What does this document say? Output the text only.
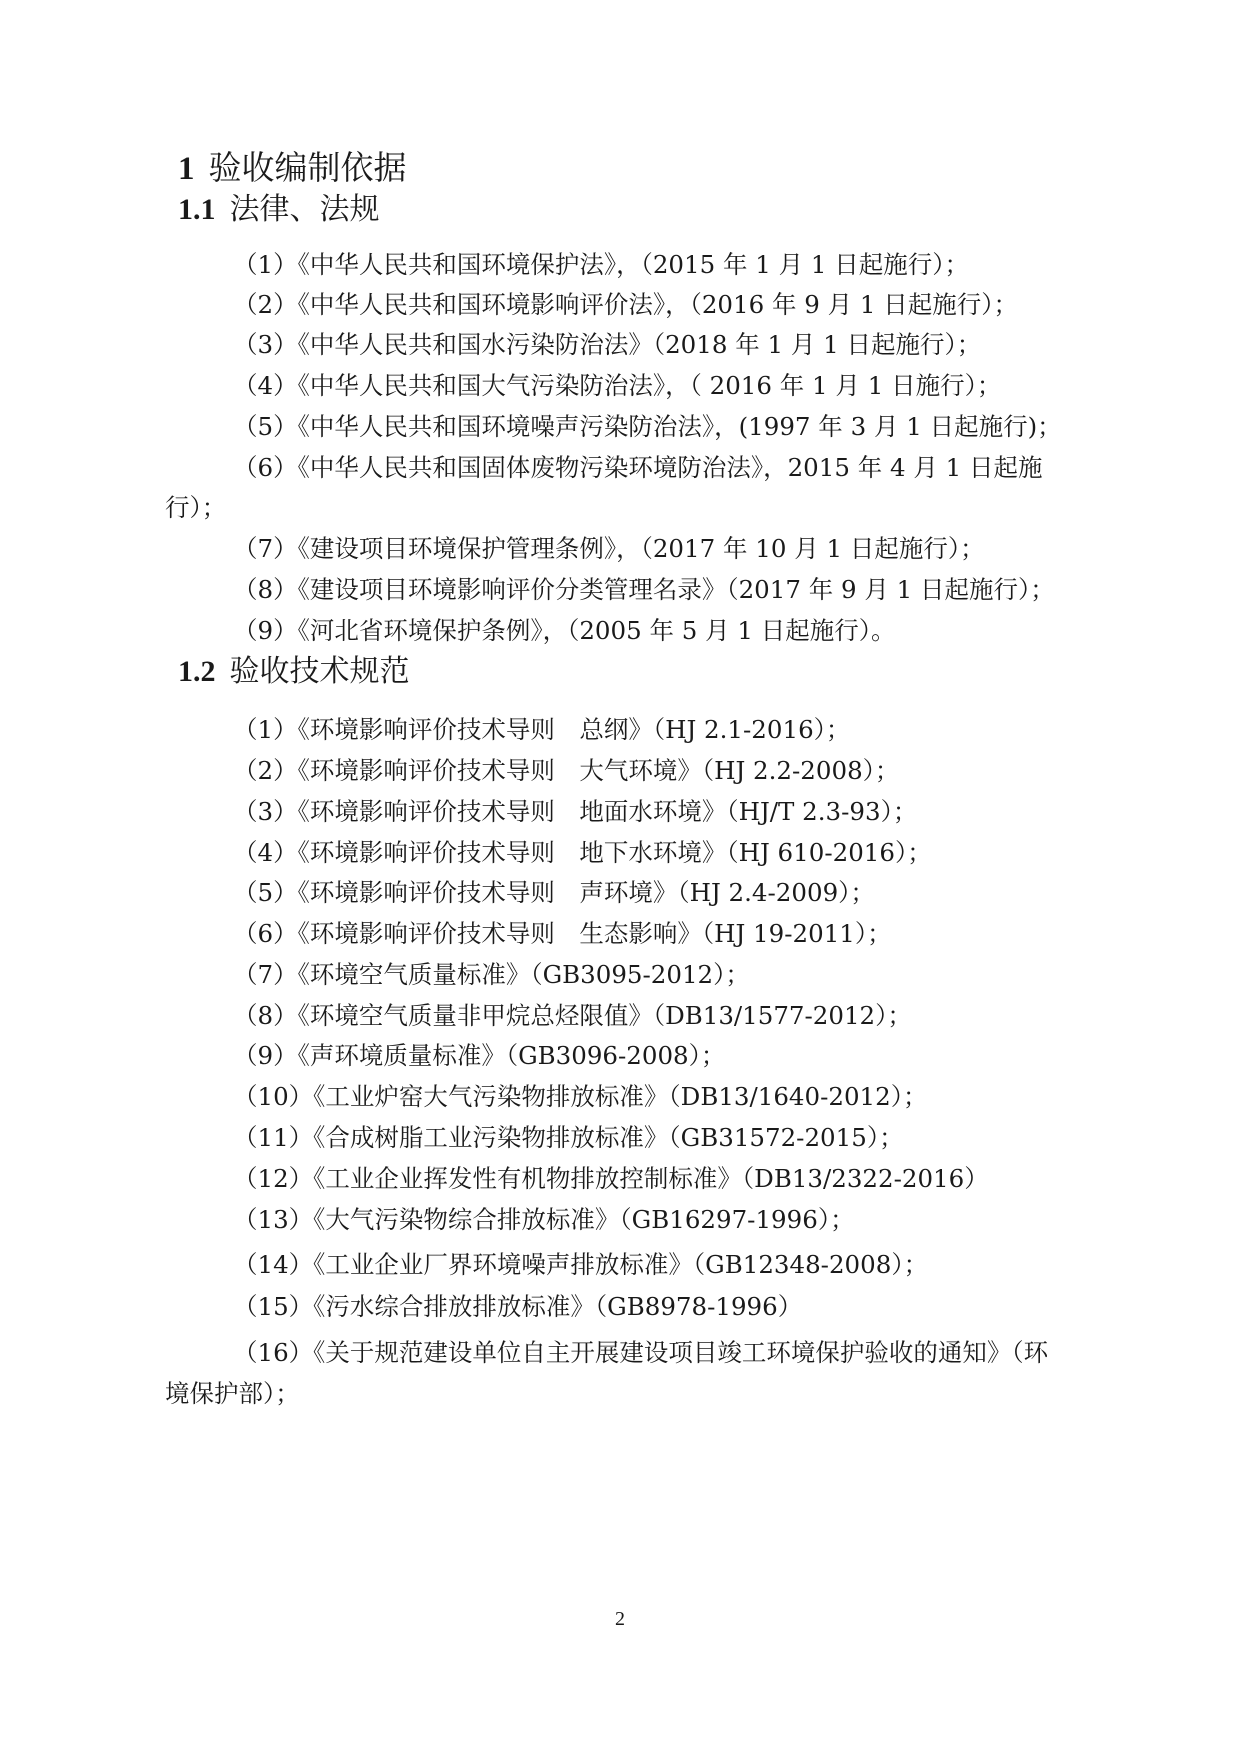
1 验收编制依据
1.1 法律、法规
（1）《中华人民共和国环境保护法》，（2015 年 1 月 1 日起施行）；
（2）《中华人民共和国环境影响评价法》，（2016 年 9 月 1 日起施行）；
（3）《中华人民共和国水污染防治法》（2018 年 1 月 1 日起施行）；
（4）《中华人民共和国大气污染防治法》，（ 2016 年 1 月 1 日施行）；
（5）《中华人民共和国环境噪声污染防治法》，(1997 年 3 月 1 日起施行)；
（6）《中华人民共和国固体废物污染环境防治法》，2015 年 4 月 1 日起施
行）；
（7）《建设项目环境保护管理条例》，（2017 年 10 月 1 日起施行）；
（8）《建设项目环境影响评价分类管理名录》（2017 年 9 月 1 日起施行）；
（9）《河北省环境保护条例》，（2005 年 5 月 1 日起施行）。
1.2 验收技术规范
（1）《环境影响评价技术导则　总纲》（HJ 2.1-2016）；
（2）《环境影响评价技术导则　大气环境》（HJ 2.2-2008）；
（3）《环境影响评价技术导则　地面水环境》（HJ/T 2.3-93）；
（4）《环境影响评价技术导则　地下水环境》（HJ 610-2016）；
（5）《环境影响评价技术导则　声环境》（HJ 2.4-2009）；
（6）《环境影响评价技术导则　生态影响》（HJ 19-2011）；
（7）《环境空气质量标准》（GB3095-2012）；
（8）《环境空气质量非甲烷总烃限值》（DB13/1577-2012）；
（9）《声环境质量标准》（GB3096-2008）；
（10）《工业炉窑大气污染物排放标准》（DB13/1640-2012）；
（11）《合成树脂工业污染物排放标准》（GB31572-2015）；
（12）《工业企业挥发性有机物排放控制标准》（DB13/2322-2016）
（13）《大气污染物综合排放标准》（GB16297-1996）；
（14）《工业企业厂界环境噪声排放标准》（GB12348-2008）；
（15）《污水综合排放排放标准》（GB8978-1996）
（16）《关于规范建设单位自主开展建设项目竣工环境保护验收的通知》（环
境保护部）；
2
